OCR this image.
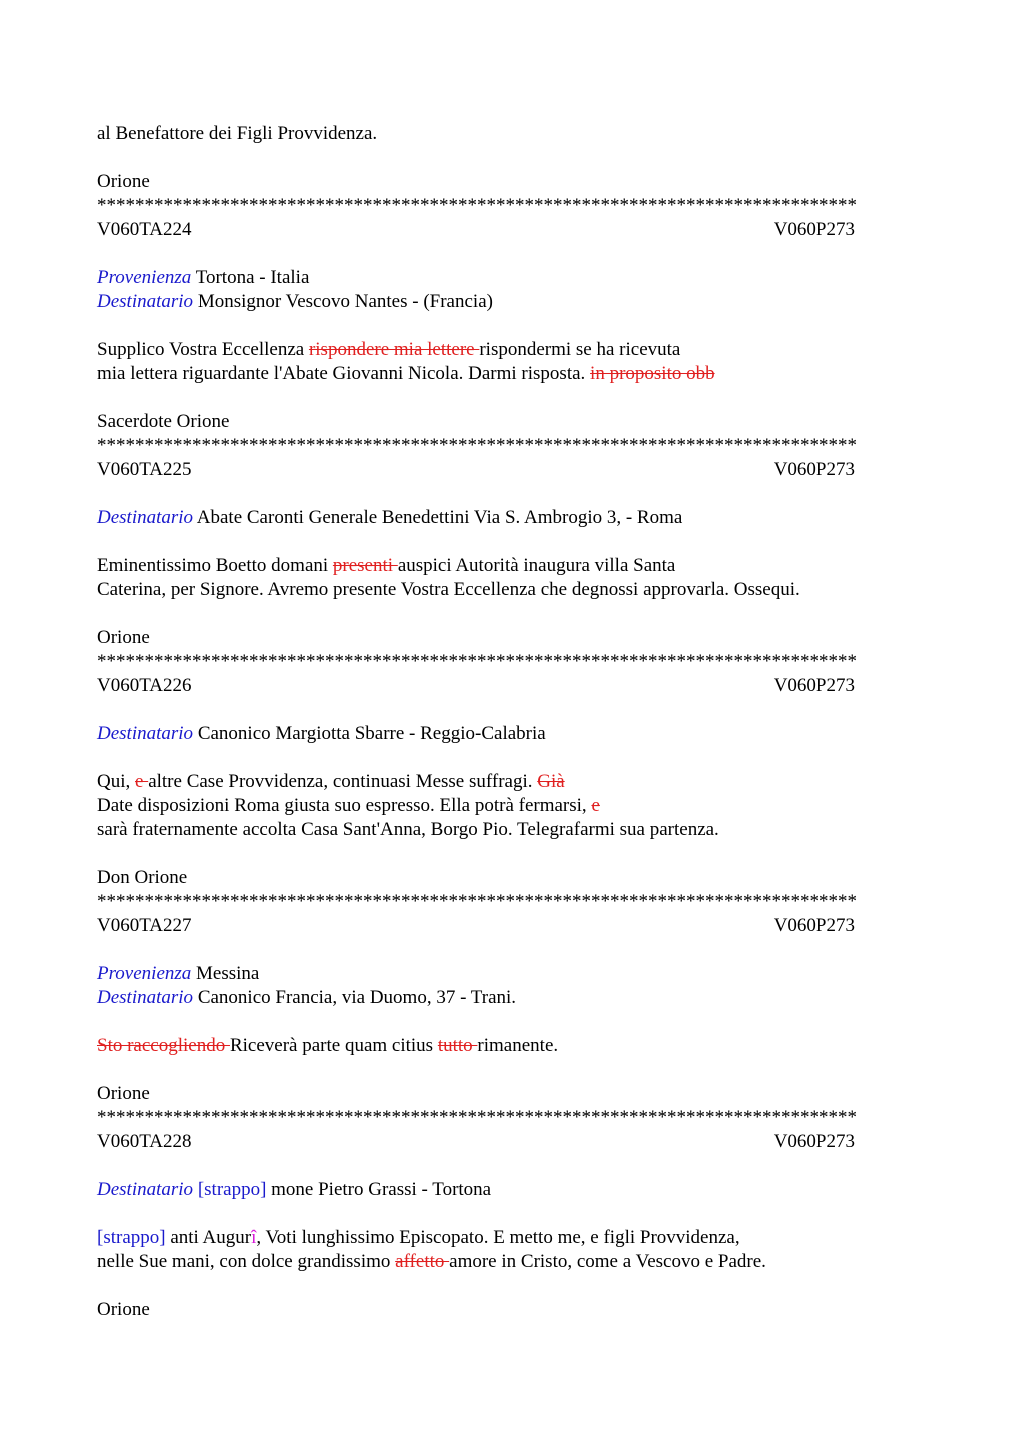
al Benefattore dei Figli Provvidenza.
Orione
********************************************************************************
V060TA224	V060P273
Provenienza Tortona - Italia
Destinatario Monsignor Vescovo Nantes - (Francia)
Supplico Vostra Eccellenza rispondere mia lettere rispondermi se ha ricevuta
mia lettera riguardante l'Abate Giovanni Nicola. Darmi risposta. in proposito obb
Sacerdote Orione
********************************************************************************
V060TA225	V060P273
Destinatario Abate Caronti Generale Benedettini Via S. Ambrogio 3, - Roma
Eminentissimo Boetto domani presenti auspici Autorità inaugura villa Santa
Caterina, per Signore. Avremo presente Vostra Eccellenza che degnossi approvarla. Ossequi.
Orione
********************************************************************************
V060TA226	V060P273
Destinatario Canonico Margiotta Sbarre - Reggio-Calabria
Qui, e altre Case Provvidenza, continuasi Messe suffragi. Già
Date disposizioni Roma giusta suo espresso. Ella potrà fermarsi, e
sarà fraternamente accolta Casa Sant'Anna, Borgo Pio. Telegrafarmi sua partenza.
Don Orione
********************************************************************************
V060TA227	V060P273
Provenienza Messina
Destinatario Canonico Francia, via Duomo, 37 - Trani.
Sto raccogliendo Riceverà parte quam citius tutto rimanente.
Orione
********************************************************************************
V060TA228	V060P273
Destinatario [strappo] mone Pietro Grassi - Tortona
[strappo] anti Augurî, Voti lunghissimo Episcopato. E metto me, e figli Provvidenza,
nelle Sue mani, con dolce grandissimo affetto amore in Cristo, come a Vescovo e Padre.
Orione
